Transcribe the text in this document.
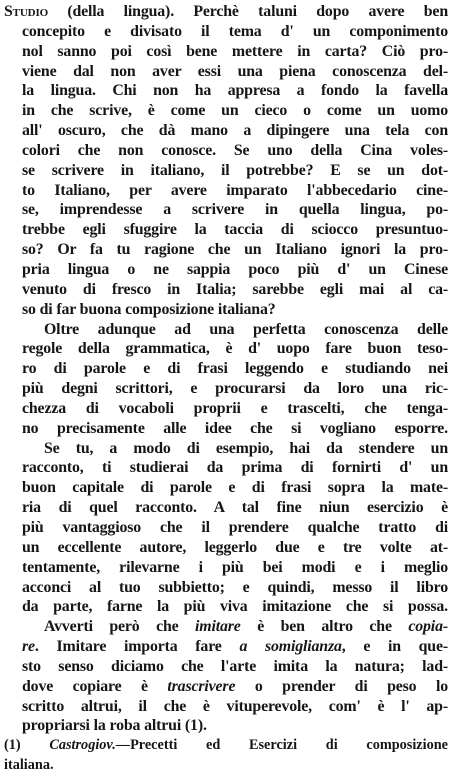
Studio (della lingua). Perchè taluni dopo avere ben
concepito e divisato il tema d' un componimento
nol sanno poi così bene mettere in carta? Ciò pro-
viene dal non aver essi una piena conoscenza del-
la lingua. Chi non ha appresa a fondo la favella
in che scrive, è come un cieco o come un uomo
all' oscuro, che dà mano a dipingere una tela con
colori che non conosce. Se uno della Cina voles-
se scrivere in italiano, il potrebbe? E se un dot-
to Italiano, per avere imparato l'abbecedario cine-
se, imprendesse a scrivere in quella lingua, po-
trebbe egli sfuggire la taccia di sciocco presuntuo-
so? Or fa tu ragione che un Italiano ignori la pro-
pria lingua o ne sappia poco più d' un Cinese
venuto di fresco in Italia; sarebbe egli mai al ca-
so di far buona composizione italiana?
Oltre adunque ad una perfetta conoscenza delle
regole della grammatica, è d' uopo fare buon teso-
ro di parole e di frasi leggendo e studiando nei
più degni scrittori, e procurarsi da loro una ric-
chezza di vocaboli proprii e trascelti, che tenga-
no precisamente alle idee che si vogliano esporre.
Se tu, a modo di esempio, hai da stendere un
racconto, ti studierai da prima di fornirti d' un
buon capitale di parole e di frasi sopra la mate-
ria di quel racconto. A tal fine niun esercizio è
più vantaggioso che il prendere qualche tratto di
un eccellente autore, leggerlo due e tre volte at-
tentamente, rilevarne i più bei modi e i meglio
acconci al tuo subbietto; e quindi, messo il libro
da parte, farne la più viva imitazione che si possa.
Avverti però che imitare è ben altro che copia-
re. Imitare importa fare a somiglianza, e in que-
sto senso diciamo che l'arte imita la natura; lad-
dove copiare è trascrivere o prender di peso lo
scritto altrui, il che è vituperevole, com' è l' ap-
propriarsi la roba altrui (1).
(1) Castrogiov.—Precetti ed Esercizi di composizione
italiana.
